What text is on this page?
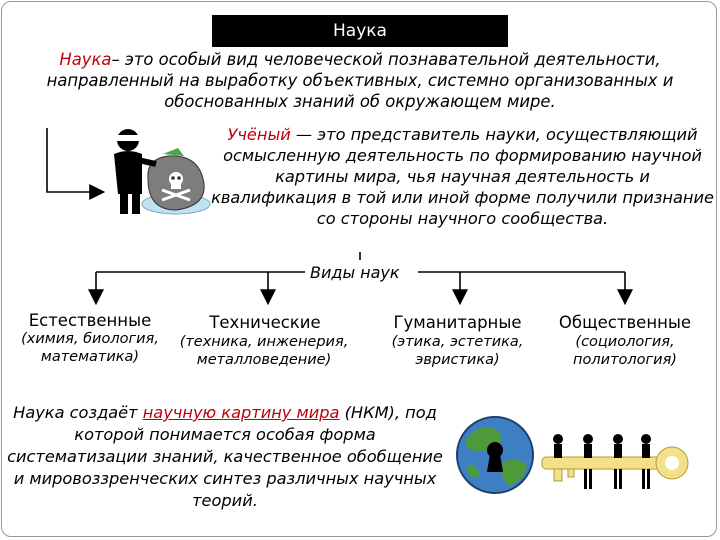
Наука
Наука– это особый вид человеческой познавательной деятельности, направленный на выработку объективных, системно организованных и обоснованных знаний об окружающем мире.
Учёный — это представитель науки, осуществляющий осмысленную деятельность по формированию научной картины мира, чья научная деятельность и квалификация в той или иной форме получили признание со стороны научного сообщества.
Виды наук
Естественные
(химия, биология, математика)
Технические
(техника, инженерия, металловедение)
Гуманитарные
(этика, эстетика, эвристика)
Общественные
(социология, политология)
Наука создаёт научную картину мира (НКМ), под которой понимается особая форма систематизации знаний, качественное обобщение и мировоззренческих синтез различных научных теорий.
